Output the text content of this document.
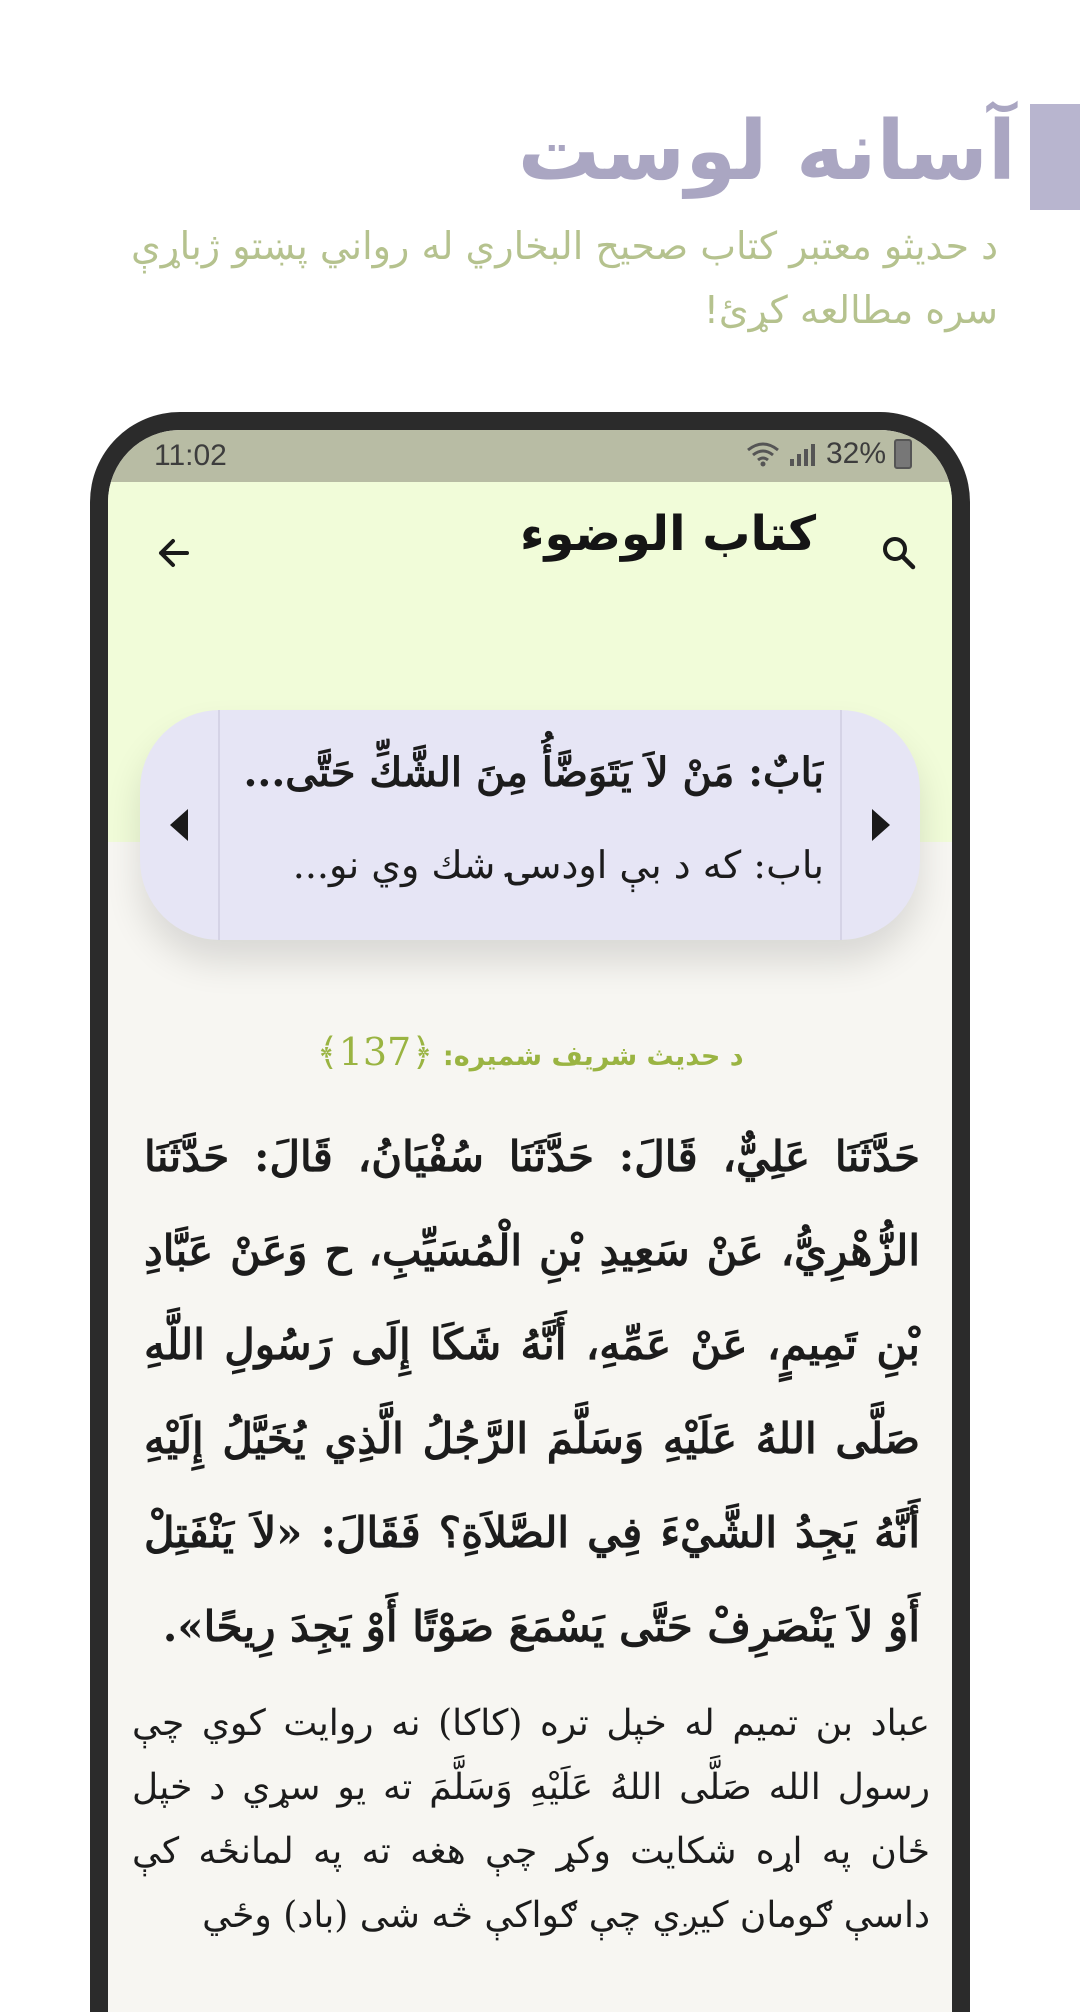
آسانه لوست
د حدیثو معتبر کتاب صحيح البخاري له رواني پښتو ژباړې سره مطالعه کړئ!
11:02	32%
كتاب الوضوء
بَابٌ: مَنْ لاَ يَتَوَضَّأُ مِنَ الشَّكِّ حَتَّى...
باب: كه د بې اودسۍ شك وي نو...
د حدیث شریف شمیره: ﴿137﴾
حَدَّثَنَا عَلِيٌّ، قَالَ: حَدَّثَنَا سُفْيَانُ، قَالَ: حَدَّثَنَا الزُّهْرِيُّ، عَنْ سَعِيدِ بْنِ الْمُسَيِّبِ، ح وَعَنْ عَبَّادِ بْنِ تَمِيمٍ، عَنْ عَمِّهِ، أَنَّهُ شَكَا إِلَى رَسُولِ اللَّهِ صَلَّى اللهُ عَلَيْهِ وَسَلَّمَ الرَّجُلُ الَّذِي يُخَيَّلُ إِلَيْهِ أَنَّهُ يَجِدُ الشَّيْءَ فِي الصَّلاَةِ؟ فَقَالَ: «لاَ يَنْفَتِلْ أَوْ لاَ يَنْصَرِفْ حَتَّى يَسْمَعَ صَوْتًا أَوْ يَجِدَ رِيحًا».
عباد بن تميم له خپل تره (كاكا) نه روايت كوي چې رسول الله صَلَّى اللهُ عَلَيْهِ وَسَلَّمَ ته يو سړي د خپل ځان په اړه شكايت وكړ چې هغه ته په لمانځه كې داسې ګومان كيږي چې ګواكې څه شى (باد) وځي
